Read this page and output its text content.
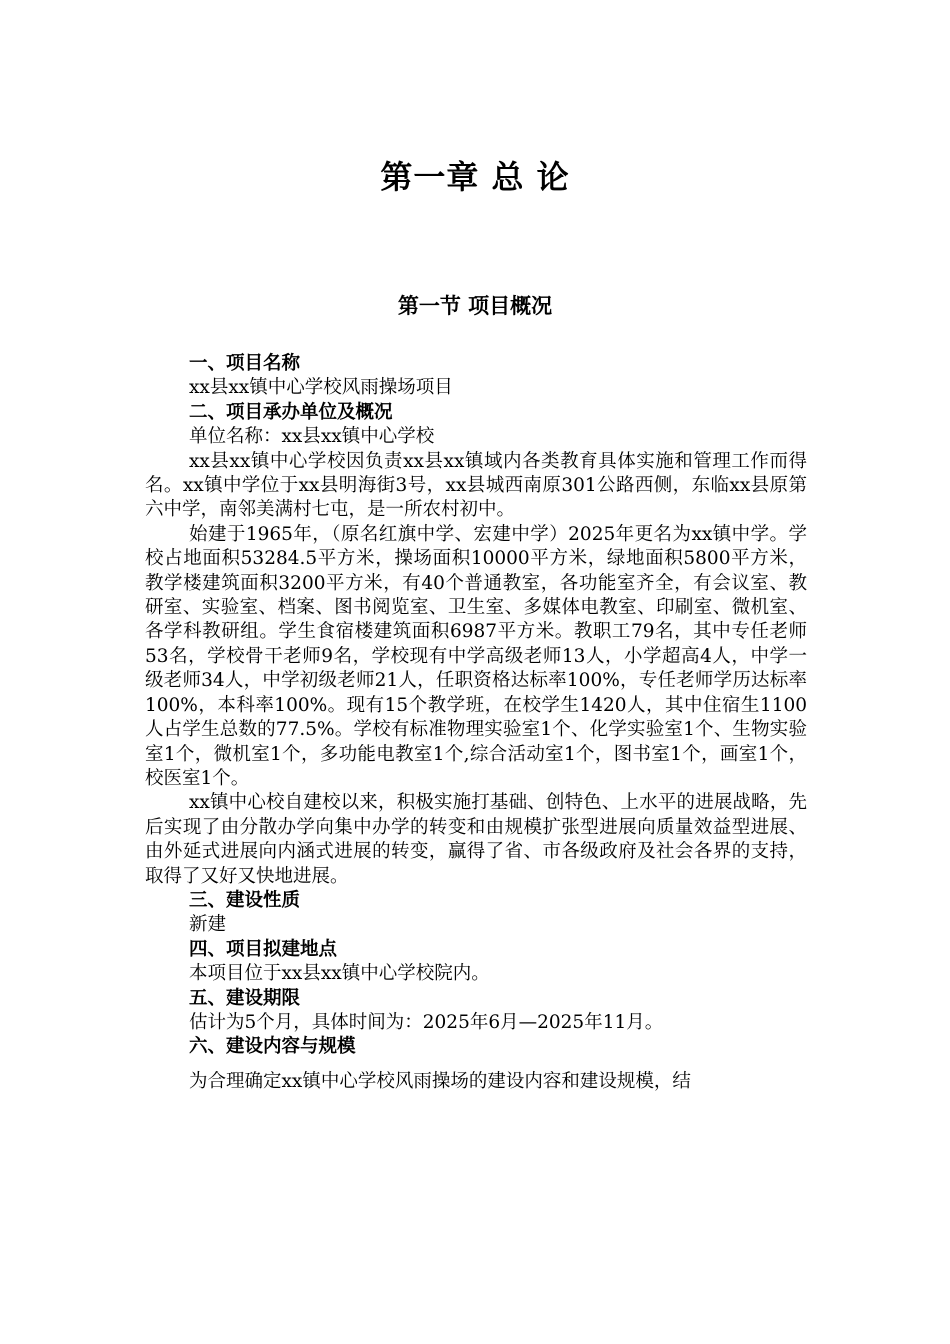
第一章 总 论
第一节 项目概况

一、项目名称

xx县xx镇中心学校风雨操场项目

二、项目承办单位及概况

单位名称：xx县xx镇中心学校

xx县xx镇中心学校因负责xx县xx镇域内各类教育具体实施和管理工作而得名。xx镇中学位于xx县明海街3号，xx县城西南原301公路西侧，东临xx县原第六中学，南邻美满村七屯，是一所农村初中。

始建于1965年，（原名红旗中学、宏建中学）2025年更名为xx镇中学。学校占地面积53284.5平方米，操场面积10000平方米，绿地面积5800平方米，教学楼建筑面积3200平方米，有40个普通教室，各功能室齐全，有会议室、教研室、实验室、档案、图书阅览室、卫生室、多媒体电教室、印刷室、微机室、各学科教研组。学生食宿楼建筑面积6987平方米。教职工79名，其中专任老师53名，学校骨干老师9名，学校现有中学高级老师13人，小学超高4人，中学一级老师34人，中学初级老师21人，任职资格达标率100%，专任老师学历达标率100%，本科率100%。现有15个教学班，在校学生1420人，其中住宿生1100人占学生总数的77.5%。学校有标准物理实验室1个、化学实验室1个、生物实验室1个，微机室1个，多功能电教室1个,综合活动室1个，图书室1个，画室1个，校医室1个。

xx镇中心校自建校以来，积极实施打基础、创特色、上水平的进展战略，先后实现了由分散办学向集中办学的转变和由规模扩张型进展向质量效益型进展、由外延式进展向内涵式进展的转变，赢得了省、市各级政府及社会各界的支持，取得了又好又快地进展。

三、建设性质

新建

四、项目拟建地点

本项目位于xx县xx镇中心学校院内。

五、建设期限

估计为5个月，具体时间为：2025年6月—2025年11月。

六、建设内容与规模

为合理确定xx镇中心学校风雨操场的建设内容和建设规模，结
